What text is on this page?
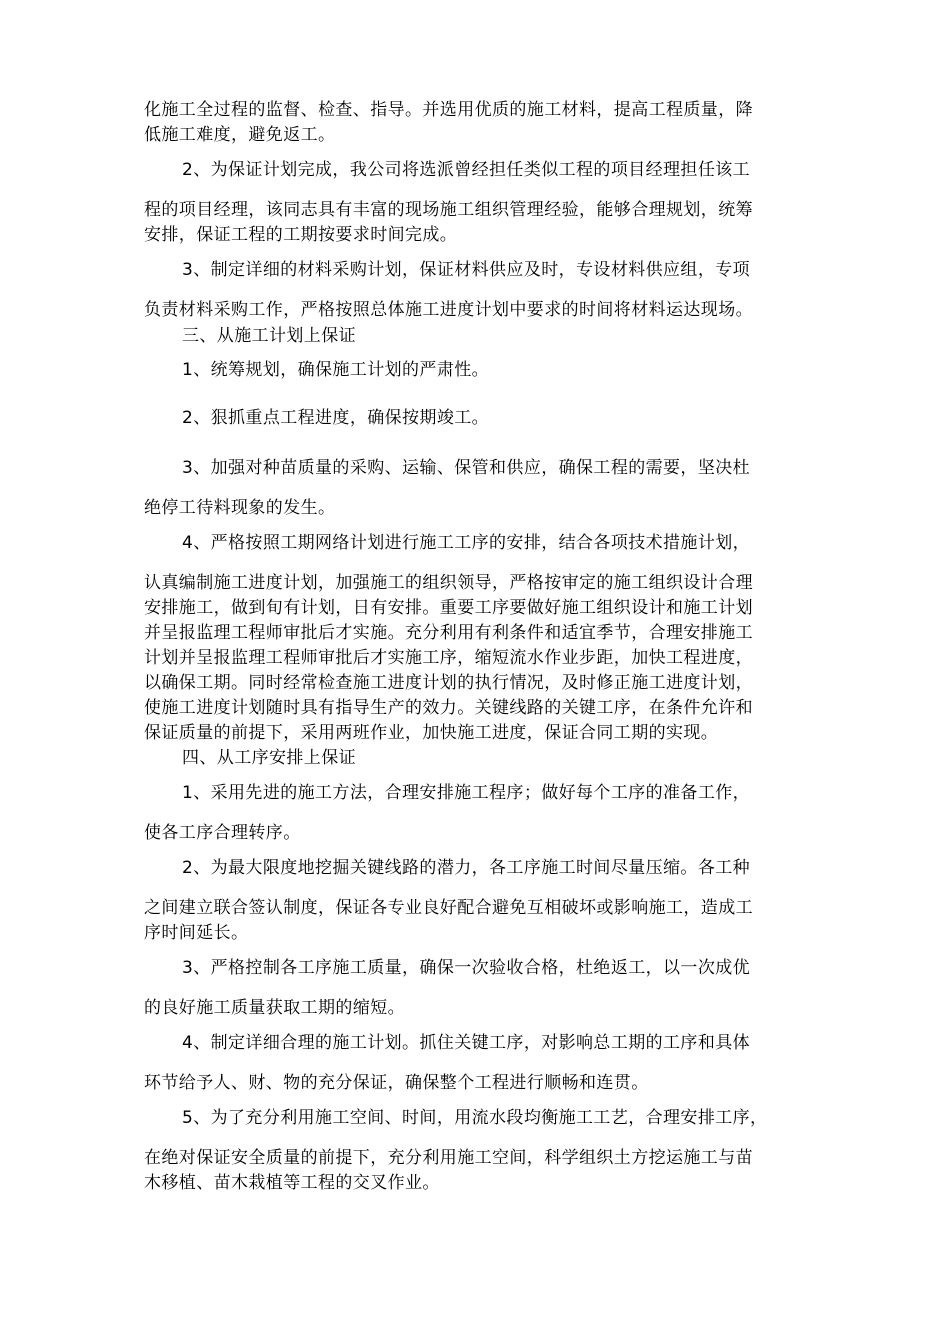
化施工全过程的监督、检查、指导。并选用优质的施工材料，提高工程质量，降
低施工难度，避免返工。
2、为保证计划完成，我公司将选派曾经担任类似工程的项目经理担任该工
程的项目经理，该同志具有丰富的现场施工组织管理经验，能够合理规划，统筹
安排，保证工程的工期按要求时间完成。
3、制定详细的材料采购计划，保证材料供应及时，专设材料供应组，专项
负责材料采购工作，严格按照总体施工进度计划中要求的时间将材料运达现场。
三、从施工计划上保证
1、统筹规划，确保施工计划的严肃性。
2、狠抓重点工程进度，确保按期竣工。
3、加强对种苗质量的采购、运输、保管和供应，确保工程的需要，坚决杜
绝停工待料现象的发生。
4、严格按照工期网络计划进行施工工序的安排，结合各项技术措施计划，
认真编制施工进度计划，加强施工的组织领导，严格按审定的施工组织设计合理
安排施工，做到旬有计划，日有安排。重要工序要做好施工组织设计和施工计划
并呈报监理工程师审批后才实施。充分利用有利条件和适宜季节，合理安排施工
计划并呈报监理工程师审批后才实施工序，缩短流水作业步距，加快工程进度，
以确保工期。同时经常检查施工进度计划的执行情况，及时修正施工进度计划，
使施工进度计划随时具有指导生产的效力。关键线路的关键工序，在条件允许和
保证质量的前提下，采用两班作业，加快施工进度，保证合同工期的实现。
四、从工序安排上保证
1、采用先进的施工方法，合理安排施工程序；做好每个工序的准备工作，
使各工序合理转序。
2、为最大限度地挖掘关键线路的潜力，各工序施工时间尽量压缩。各工种
之间建立联合签认制度，保证各专业良好配合避免互相破坏或影响施工，造成工
序时间延长。
3、严格控制各工序施工质量，确保一次验收合格，杜绝返工，以一次成优
的良好施工质量获取工期的缩短。
4、制定详细合理的施工计划。抓住关键工序，对影响总工期的工序和具体
环节给予人、财、物的充分保证，确保整个工程进行顺畅和连贯。
5、为了充分利用施工空间、时间，用流水段均衡施工工艺，合理安排工序，
在绝对保证安全质量的前提下，充分利用施工空间，科学组织土方挖运施工与苗
木移植、苗木栽植等工程的交叉作业。
